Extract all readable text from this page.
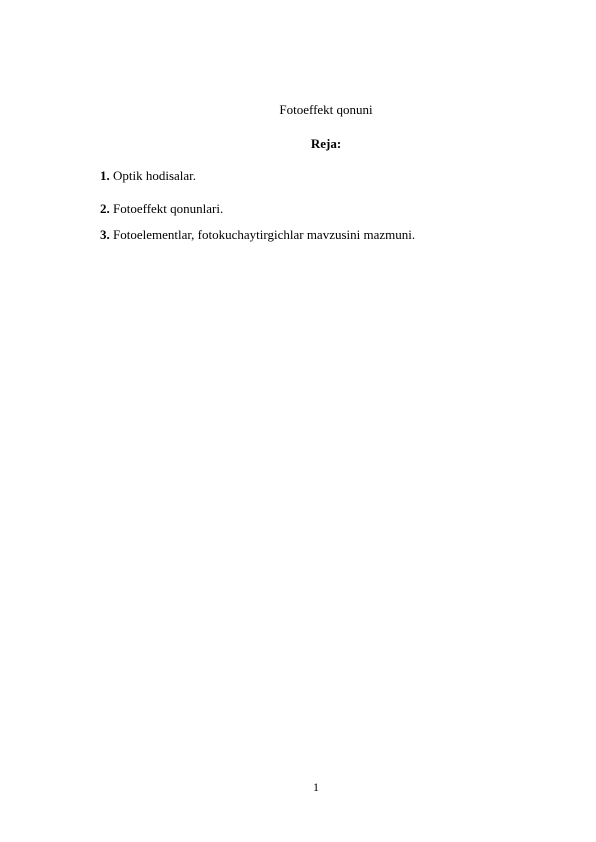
Fotoeffekt qonuni
Reja:
1. Optik hodisalar.
2. Fotoeffekt qonunlari.
3. Fotoelementlar, fotokuchaytirgichlar mavzusini mazmuni.
1
